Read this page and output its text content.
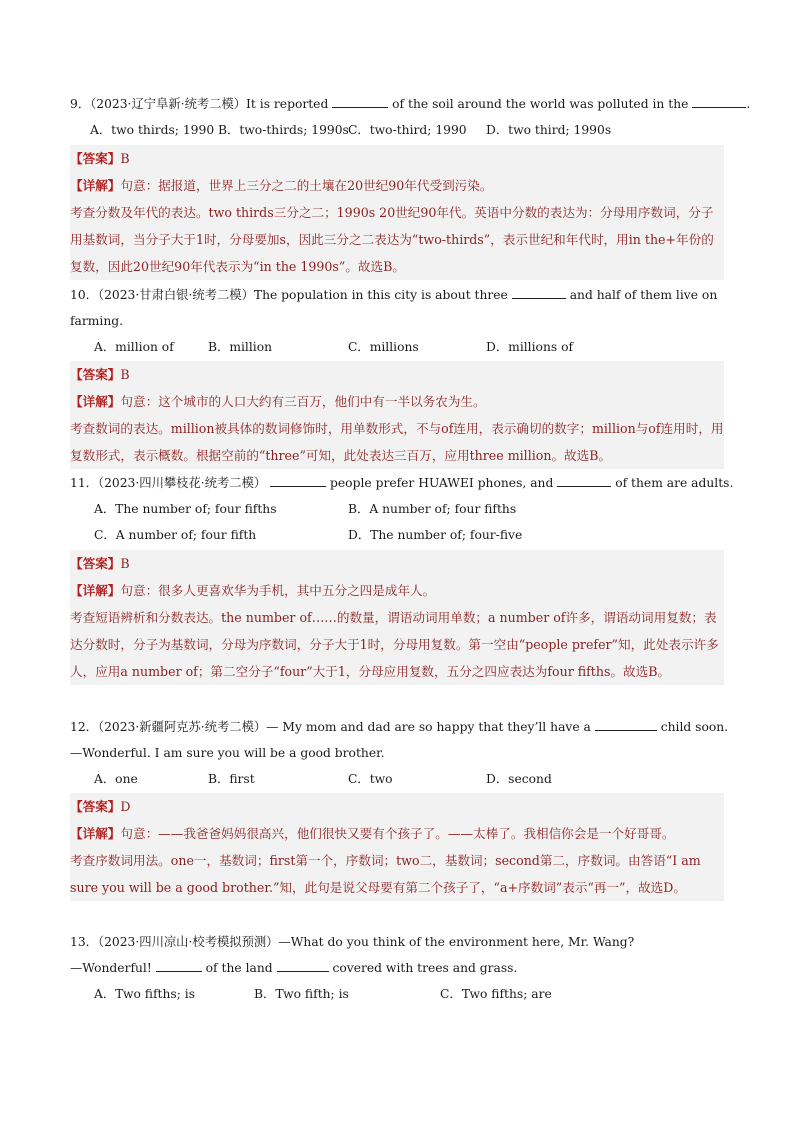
9．（2023·辽宁阜新·统考二模）It is reported	of the soil around the world was polluted in the	.
A．two thirds; 1990 B．two-thirds; 1990s C．two-third; 1990 D．two third; 1990s

【答案】B

【详解】句意：据报道，世界上三分之二的土壤在20世纪90年代受到污染。

考查分数及年代的表达。two thirds三分之二；1990s 20世纪90年代。英语中分数的表达为：分母用序数词，分子用基数词，当分子大于1时，分母要加s，因此三分之二表达为“two-thirds”，表示世纪和年代时，用in the+年份的复数，因此20世纪90年代表示为“in the 1990s”。故选B。

10．（2023·甘肃白银·统考二模）The population in this city is about three	and half of them live on farming.
A．million of	B．million	C．millions	D．millions of

【答案】B

【详解】句意：这个城市的人口大约有三百万，他们中有一半以务农为生。

考查数词的表达。million被具体的数词修饰时，用单数形式，不与of连用，表示确切的数字；million与of连用时，用复数形式，表示概数。根据空前的“three”可知，此处表达三百万，应用three million。故选B。

11．（2023·四川攀枝花·统考二模）	people prefer HUAWEI phones, and	of them are adults.
A．The number of; four fifths	B．A number of; four fifths
C．A number of; four fifth	D．The number of; four-five

【答案】B

【详解】句意：很多人更喜欢华为手机，其中五分之四是成年人。

考查短语辨析和分数表达。the number of……的数量，谓语动词用单数；a number of许多，谓语动词用复数；表达分数时，分子为基数词，分母为序数词，分子大于1时，分母用复数。第一空由“people prefer”知，此处表示许多人，应用a number of；第二空分子“four”大于1，分母应用复数，五分之四应表达为four fifths。故选B。

12．（2023·新疆阿克苏·统考二模）— My mom and dad are so happy that they’ll have a	child soon.
—Wonderful. I am sure you will be a good brother.
A．one	B．first	C．two	D．second

【答案】D

【详解】句意：——我爸爸妈妈很高兴，他们很快又要有个孩子了。——太棒了。我相信你会是一个好哥哥。

考查序数词用法。one一，基数词；first第一个，序数词；two二，基数词；second第二，序数词。由答语“I am sure you will be a good brother.”知，此句是说父母要有第二个孩子了，“a+序数词”表示“再一”，故选D。

13．（2023·四川凉山·校考模拟预测）—What do you think of the environment here, Mr. Wang?
—Wonderful!	of the land	covered with trees and grass.
A．Two fifths; is	B．Two fifth; is	C．Two fifths; are
